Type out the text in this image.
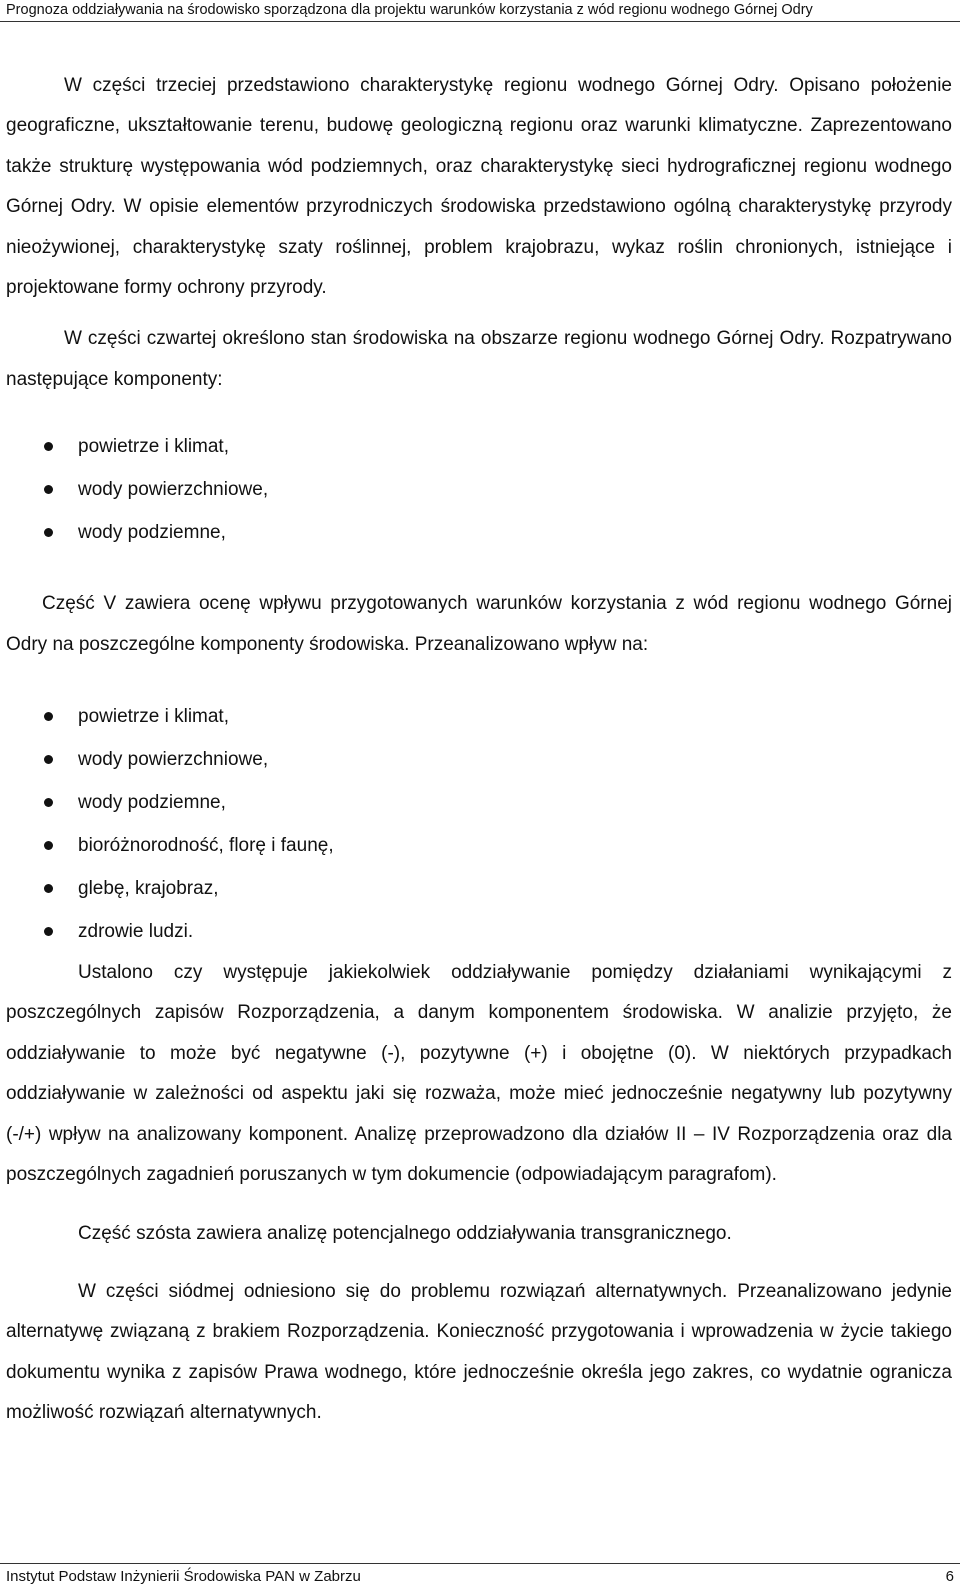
Prognoza oddziaływania na środowisko sporządzona dla projektu warunków korzystania z wód regionu wodnego Górnej Odry

W części trzeciej przedstawiono charakterystykę regionu wodnego Górnej Odry. Opisano położenie geograficzne, ukształtowanie terenu, budowę geologiczną regionu oraz warunki klimatyczne. Zaprezentowano także strukturę występowania wód podziemnych, oraz charakterystykę sieci hydrograficznej regionu wodnego Górnej Odry. W opisie elementów przyrodniczych środowiska przedstawiono ogólną charakterystykę przyrody nieożywionej, charakterystykę szaty roślinnej, problem krajobrazu, wykaz roślin chronionych, istniejące i projektowane formy ochrony przyrody.

W części czwartej określono stan środowiska na obszarze regionu wodnego Górnej Odry. Rozpatrywano następujące komponenty:

powietrze i klimat,
wody powierzchniowe,
wody podziemne,

Część V zawiera ocenę wpływu przygotowanych warunków korzystania z wód regionu wodnego Górnej Odry na poszczególne komponenty środowiska. Przeanalizowano wpływ na:

powietrze i klimat,
wody powierzchniowe,
wody podziemne,
bioróżnorodność, florę i faunę,
glebę, krajobraz,
zdrowie ludzi.

Ustalono czy występuje jakiekolwiek oddziaływanie pomiędzy działaniami wynikającymi z poszczególnych zapisów Rozporządzenia, a danym komponentem środowiska. W analizie przyjęto, że oddziaływanie to może być negatywne (-), pozytywne (+) i obojętne (0). W niektórych przypadkach oddziaływanie w zależności od aspektu jaki się rozważa, może mieć jednocześnie negatywny lub pozytywny (-/+) wpływ na analizowany komponent. Analizę przeprowadzono dla działów II – IV Rozporządzenia oraz dla poszczególnych zagadnień poruszanych w tym dokumencie (odpowiadającym paragrafom).

Część szósta zawiera analizę potencjalnego oddziaływania transgranicznego.

W części siódmej odniesiono się do problemu rozwiązań alternatywnych. Przeanalizowano jedynie alternatywę związaną z brakiem Rozporządzenia. Konieczność przygotowania i wprowadzenia w życie takiego dokumentu wynika z zapisów Prawa wodnego, które jednocześnie określa jego zakres, co wydatnie ogranicza możliwość rozwiązań alternatywnych.

Instytut Podstaw Inżynierii Środowiska PAN w Zabrzu	6
